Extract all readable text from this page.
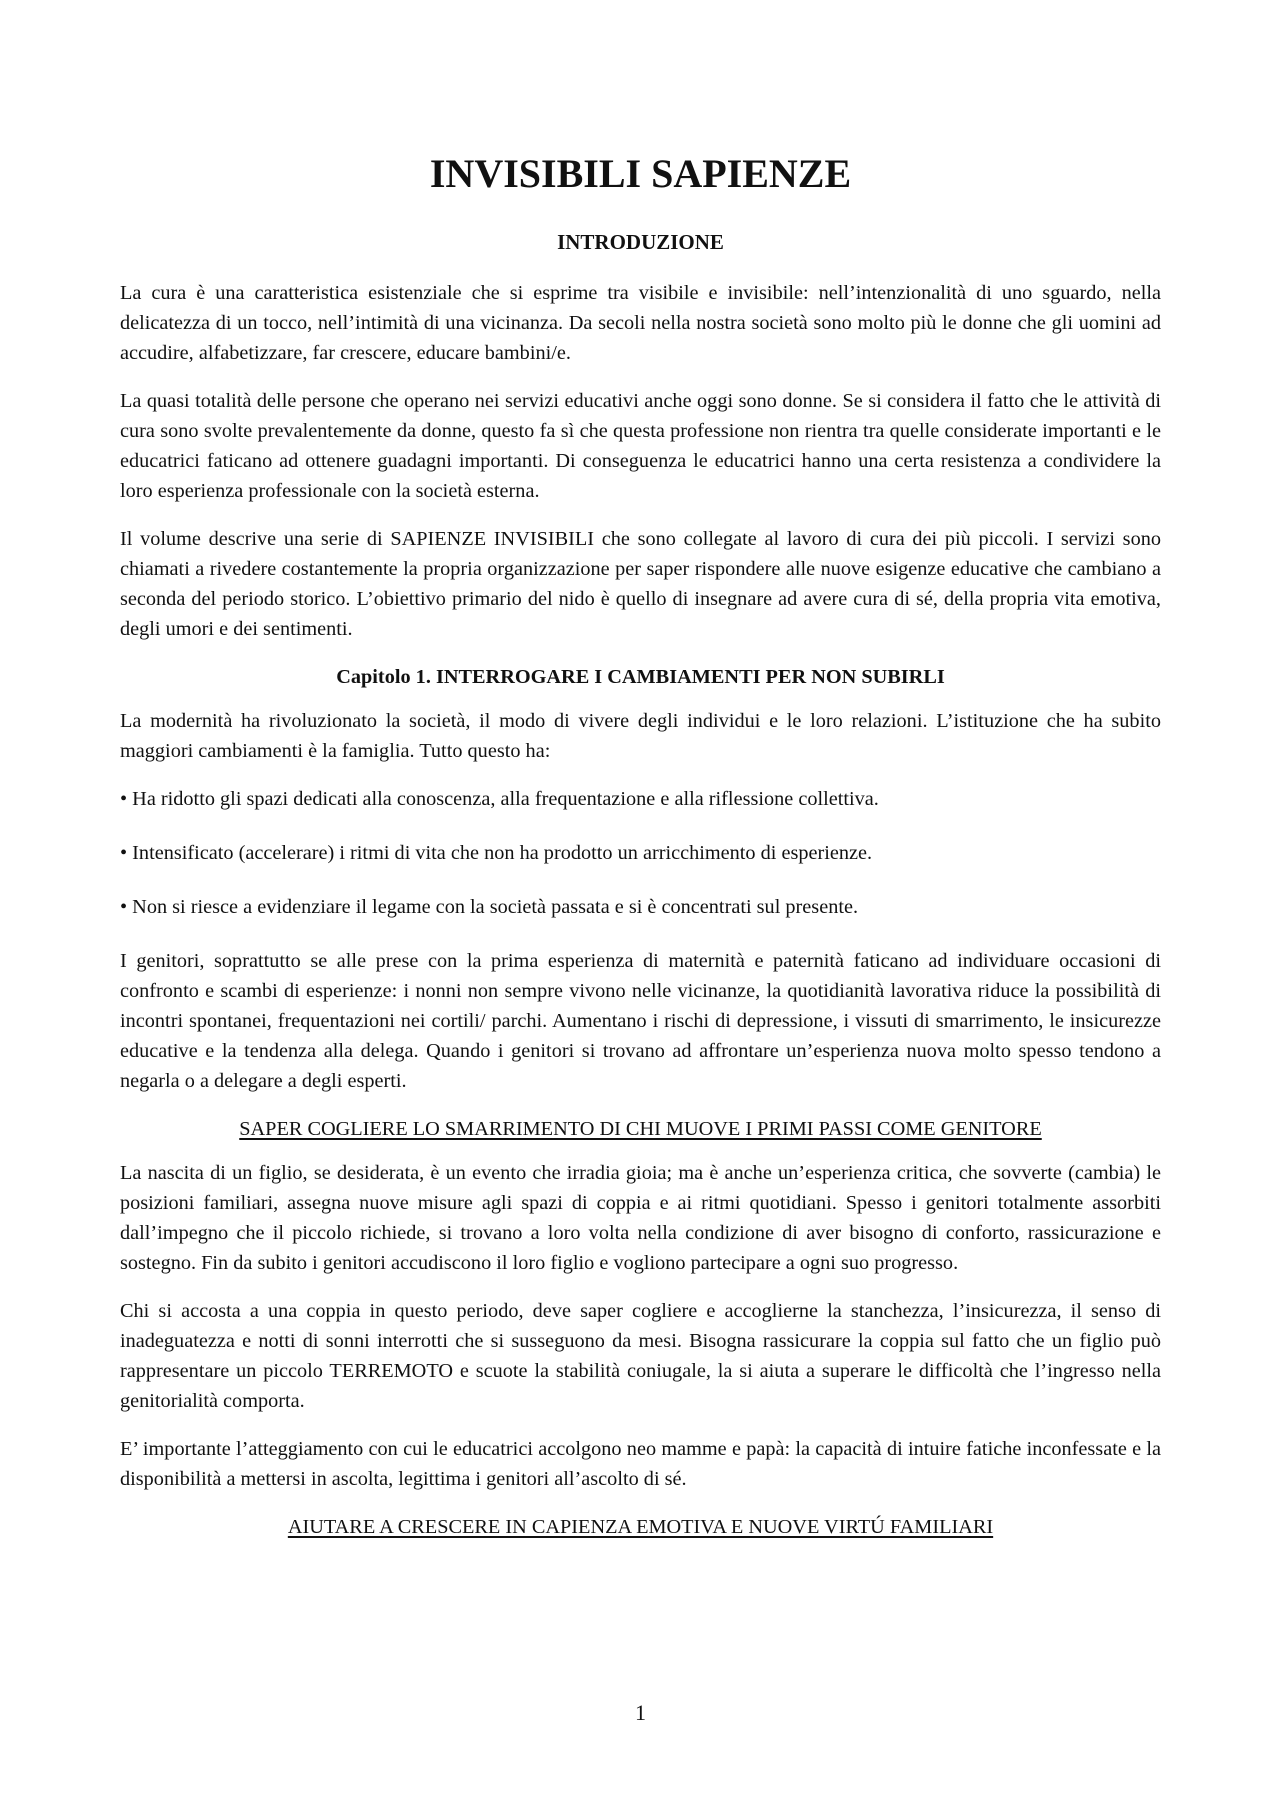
INVISIBILI SAPIENZE
INTRODUZIONE

La cura è una caratteristica esistenziale che si esprime tra visibile e invisibile: nell’intenzionalità di uno sguardo, nella delicatezza di un tocco, nell’intimità di una vicinanza. Da secoli nella nostra società sono molto più le donne che gli uomini ad accudire, alfabetizzare, far crescere, educare bambini/e.

La quasi totalità delle persone che operano nei servizi educativi anche oggi sono donne. Se si considera il fatto che le attività di cura sono svolte prevalentemente da donne, questo fa sì che questa professione non rientra tra quelle considerate importanti e le educatrici faticano ad ottenere guadagni importanti. Di conseguenza le educatrici hanno una certa resistenza a condividere la loro esperienza professionale con la società esterna.

Il volume descrive una serie di SAPIENZE INVISIBILI che sono collegate al lavoro di cura dei più piccoli. I servizi sono chiamati a rivedere costantemente la propria organizzazione per saper rispondere alle nuove esigenze educative che cambiano a seconda del periodo storico. L’obiettivo primario del nido è quello di insegnare ad avere cura di sé, della propria vita emotiva, degli umori e dei sentimenti.

Capitolo 1. INTERROGARE I CAMBIAMENTI PER NON SUBIRLI

La modernità ha rivoluzionato la società, il modo di vivere degli individui e le loro relazioni. L’istituzione che ha subito maggiori cambiamenti è la famiglia. Tutto questo ha:

• Ha ridotto gli spazi dedicati alla conoscenza, alla frequentazione e alla riflessione collettiva.

• Intensificato (accelerare) i ritmi di vita che non ha prodotto un arricchimento di esperienze.

• Non si riesce a evidenziare il legame con la società passata e si è concentrati sul presente.

I genitori, soprattutto se alle prese con la prima esperienza di maternità e paternità faticano ad individuare occasioni di confronto e scambi di esperienze: i nonni non sempre vivono nelle vicinanze, la quotidianità lavorativa riduce la possibilità di incontri spontanei, frequentazioni nei cortili/ parchi. Aumentano i rischi di depressione, i vissuti di smarrimento, le insicurezze educative e la tendenza alla delega. Quando i genitori si trovano ad affrontare un’esperienza nuova molto spesso tendono a negarla o a delegare a degli esperti.

SAPER COGLIERE LO SMARRIMENTO DI CHI MUOVE I PRIMI PASSI COME GENITORE

La nascita di un figlio, se desiderata, è un evento che irradia gioia; ma è anche un’esperienza critica, che sovverte (cambia) le posizioni familiari, assegna nuove misure agli spazi di coppia e ai ritmi quotidiani. Spesso i genitori totalmente assorbiti dall’impegno che il piccolo richiede, si trovano a loro volta nella condizione di aver bisogno di conforto, rassicurazione e sostegno. Fin da subito i genitori accudiscono il loro figlio e vogliono partecipare a ogni suo progresso.

Chi si accosta a una coppia in questo periodo, deve saper cogliere e accoglierne la stanchezza, l’insicurezza, il senso di inadeguatezza e notti di sonni interrotti che si susseguono da mesi. Bisogna rassicurare la coppia sul fatto che un figlio può rappresentare un piccolo TERREMOTO e scuote la stabilità coniugale, la si aiuta a superare le difficoltà che l’ingresso nella genitorialità comporta.

E’ importante l’atteggiamento con cui le educatrici accolgono neo mamme e papà: la capacità di intuire fatiche inconfessate e la disponibilità a mettersi in ascolta, legittima i genitori all’ascolto di sé.

AIUTARE A CRESCERE IN CAPIENZA EMOTIVA E NUOVE VIRTÚ FAMILIARI
1
